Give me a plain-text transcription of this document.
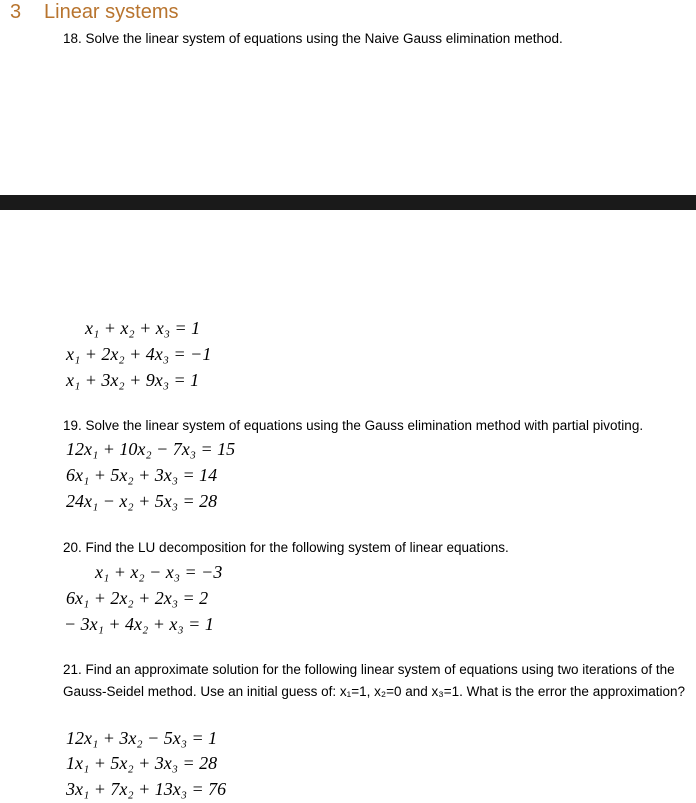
3 Linear systems
18. Solve the linear system of equations using the Naive Gauss elimination method.
x₁ + x₂ + x₃ = 1
x₁ + 2x₂ + 4x₃ = −1
x₁ + 3x₂ + 9x₃ = 1
19. Solve the linear system of equations using the Gauss elimination method with partial pivoting.
12x₁ + 10x₂ − 7x₃ = 15
6x₁ + 5x₂ + 3x₃ = 14
24x₁ − x₂ + 5x₃ = 28
20. Find the LU decomposition for the following system of linear equations.
x₁ + x₂ − x₃ = −3
6x₁ + 2x₂ + 2x₃ = 2
− 3x₁ + 4x₂ + x₃ = 1
21. Find an approximate solution for the following linear system of equations using two iterations of the Gauss-Seidel method. Use an initial guess of: x₁=1, x₂=0 and x₃=1. What is the error the approximation?
12x₁ + 3x₂ − 5x₃ = 1
1x₁ + 5x₂ + 3x₃ = 28
3x₁ + 7x₂ + 13x₃ = 76
